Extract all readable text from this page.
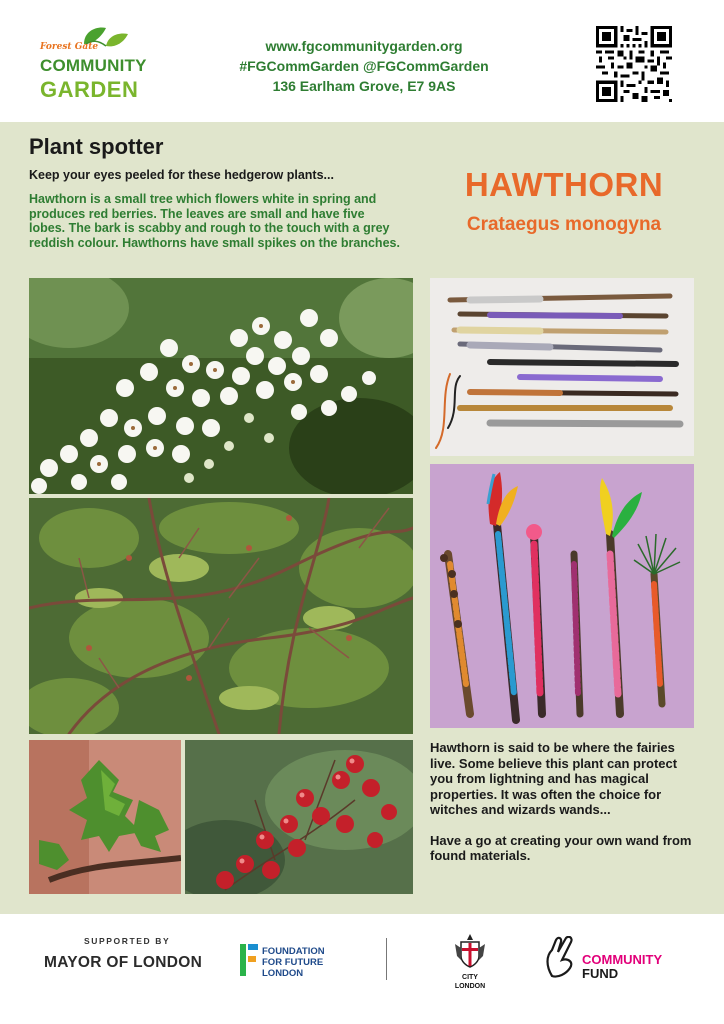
Forest Gate
COMMUNITY
GARDEN
www.fgcommunitygarden.org
#FGCommGarden @FGCommGarden
136 Earlham Grove, E7 9AS
Plant spotter
Keep your eyes peeled for these hedgerow plants...
Hawthorn is a small tree which flowers white in spring and produces red berries. The leaves are small and have five lobes. The bark is scabby and rough to the touch with a grey reddish colour. Hawthorns have small spikes on the branches.
HAWTHORN
Crataegus monogyna

Hawthorn is said to be where the fairies live. Some believe this plant can protect you from lightning and has magical properties. It was often the choice for witches and wizards wands...

Have a go at creating your own wand from found materials.

SUPPORTED BY
MAYOR OF LONDON
FOUNDATION
FOR FUTURE
LONDON	CITY
LONDON
COMMUNITY
FUND
